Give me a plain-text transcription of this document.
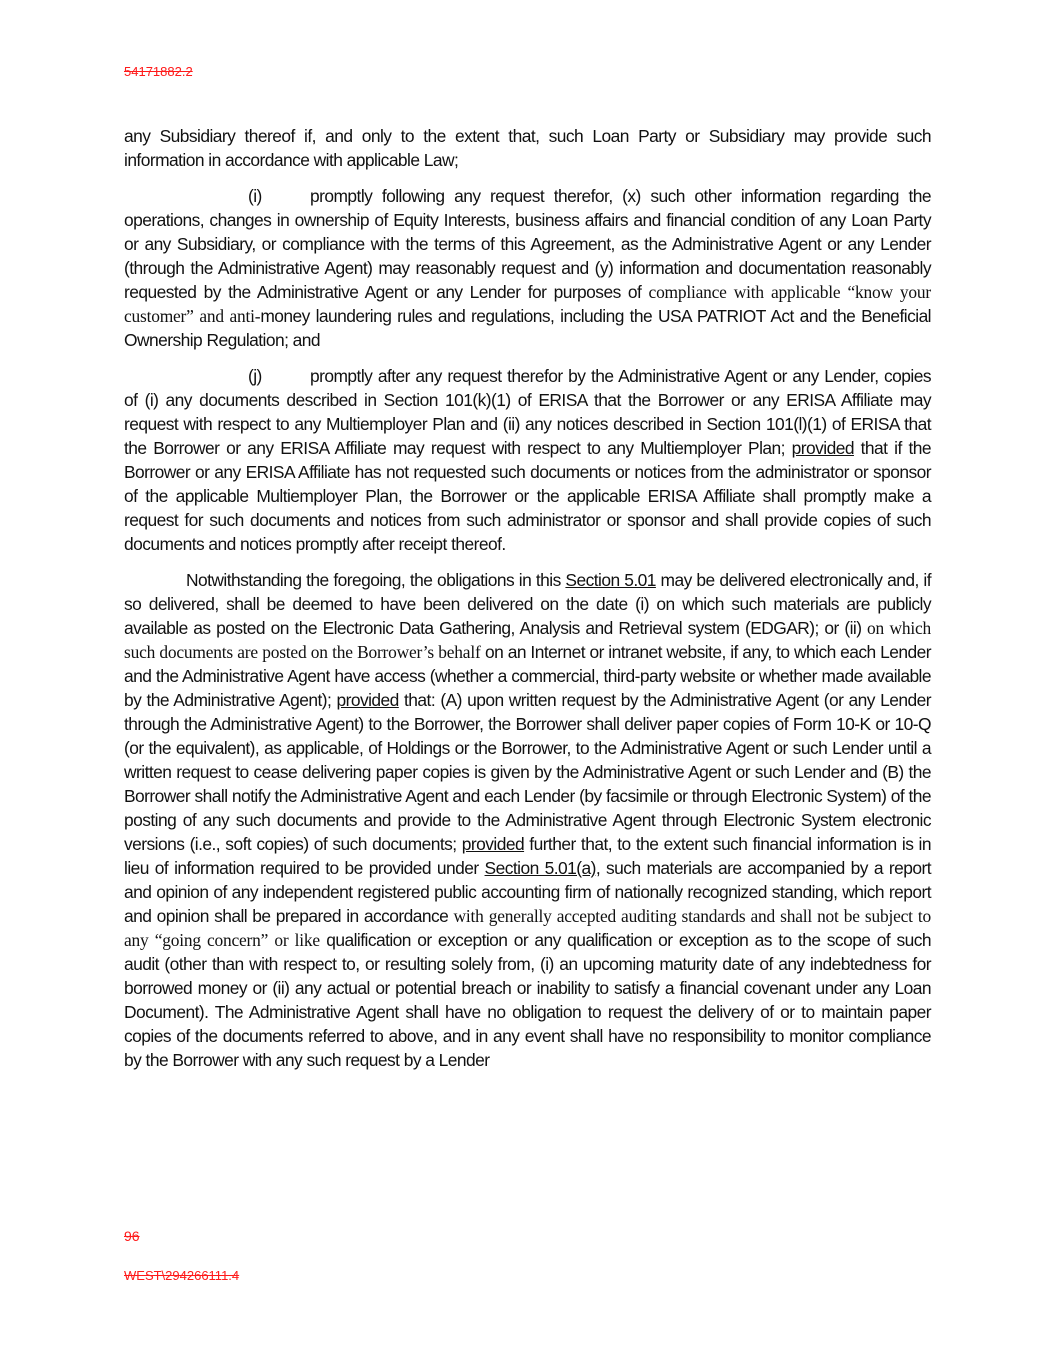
54171882.2

any Subsidiary thereof if, and only to the extent that, such Loan Party or Subsidiary may provide such information in accordance with applicable Law;

(i)	promptly following any request therefor, (x) such other information regarding the operations, changes in ownership of Equity Interests, business affairs and financial condition of any Loan Party or any Subsidiary, or compliance with the terms of this Agreement, as the Administrative Agent or any Lender (through the Administrative Agent) may reasonably request and (y) information and documentation reasonably requested by the Administrative Agent or any Lender for purposes of compliance with applicable “know your customer” and anti-money laundering rules and regulations, including the USA PATRIOT Act and the Beneficial Ownership Regulation; and

(j)	promptly after any request therefor by the Administrative Agent or any Lender, copies of (i) any documents described in Section 101(k)(1) of ERISA that the Borrower or any ERISA Affiliate may request with respect to any Multiemployer Plan and (ii) any notices described in Section 101(l)(1) of ERISA that the Borrower or any ERISA Affiliate may request with respect to any Multiemployer Plan; provided that if the Borrower or any ERISA Affiliate has not requested such documents or notices from the administrator or sponsor of the applicable Multiemployer Plan, the Borrower or the applicable ERISA Affiliate shall promptly make a request for such documents and notices from such administrator or sponsor and shall provide copies of such documents and notices promptly after receipt thereof.

Notwithstanding the foregoing, the obligations in this Section 5.01 may be delivered electronically and, if so delivered, shall be deemed to have been delivered on the date (i) on which such materials are publicly available as posted on the Electronic Data Gathering, Analysis and Retrieval system (EDGAR); or (ii) on which such documents are posted on the Borrower’s behalf on an Internet or intranet website, if any, to which each Lender and the Administrative Agent have access (whether a commercial, third-party website or whether made available by the Administrative Agent); provided that: (A) upon written request by the Administrative Agent (or any Lender through the Administrative Agent) to the Borrower, the Borrower shall deliver paper copies of Form 10-K or 10-Q (or the equivalent), as applicable, of Holdings or the Borrower, to the Administrative Agent or such Lender until a written request to cease delivering paper copies is given by the Administrative Agent or such Lender and (B) the Borrower shall notify the Administrative Agent and each Lender (by facsimile or through Electronic System) of the posting of any such documents and provide to the Administrative Agent through Electronic System electronic versions (i.e., soft copies) of such documents; provided further that, to the extent such financial information is in lieu of information required to be provided under Section 5.01(a), such materials are accompanied by a report and opinion of any independent registered public accounting firm of nationally recognized standing, which report and opinion shall be prepared in accordance with generally accepted auditing standards and shall not be subject to any “going concern” or like qualification or exception or any qualification or exception as to the scope of such audit (other than with respect to, or resulting solely from, (i) an upcoming maturity date of any indebtedness for borrowed money or (ii) any actual or potential breach or inability to satisfy a financial covenant under any Loan Document). The Administrative Agent shall have no obligation to request the delivery of or to maintain paper copies of the documents referred to above, and in any event shall have no responsibility to monitor compliance by the Borrower with any such request by a Lender

96
WEST\294266111.4
